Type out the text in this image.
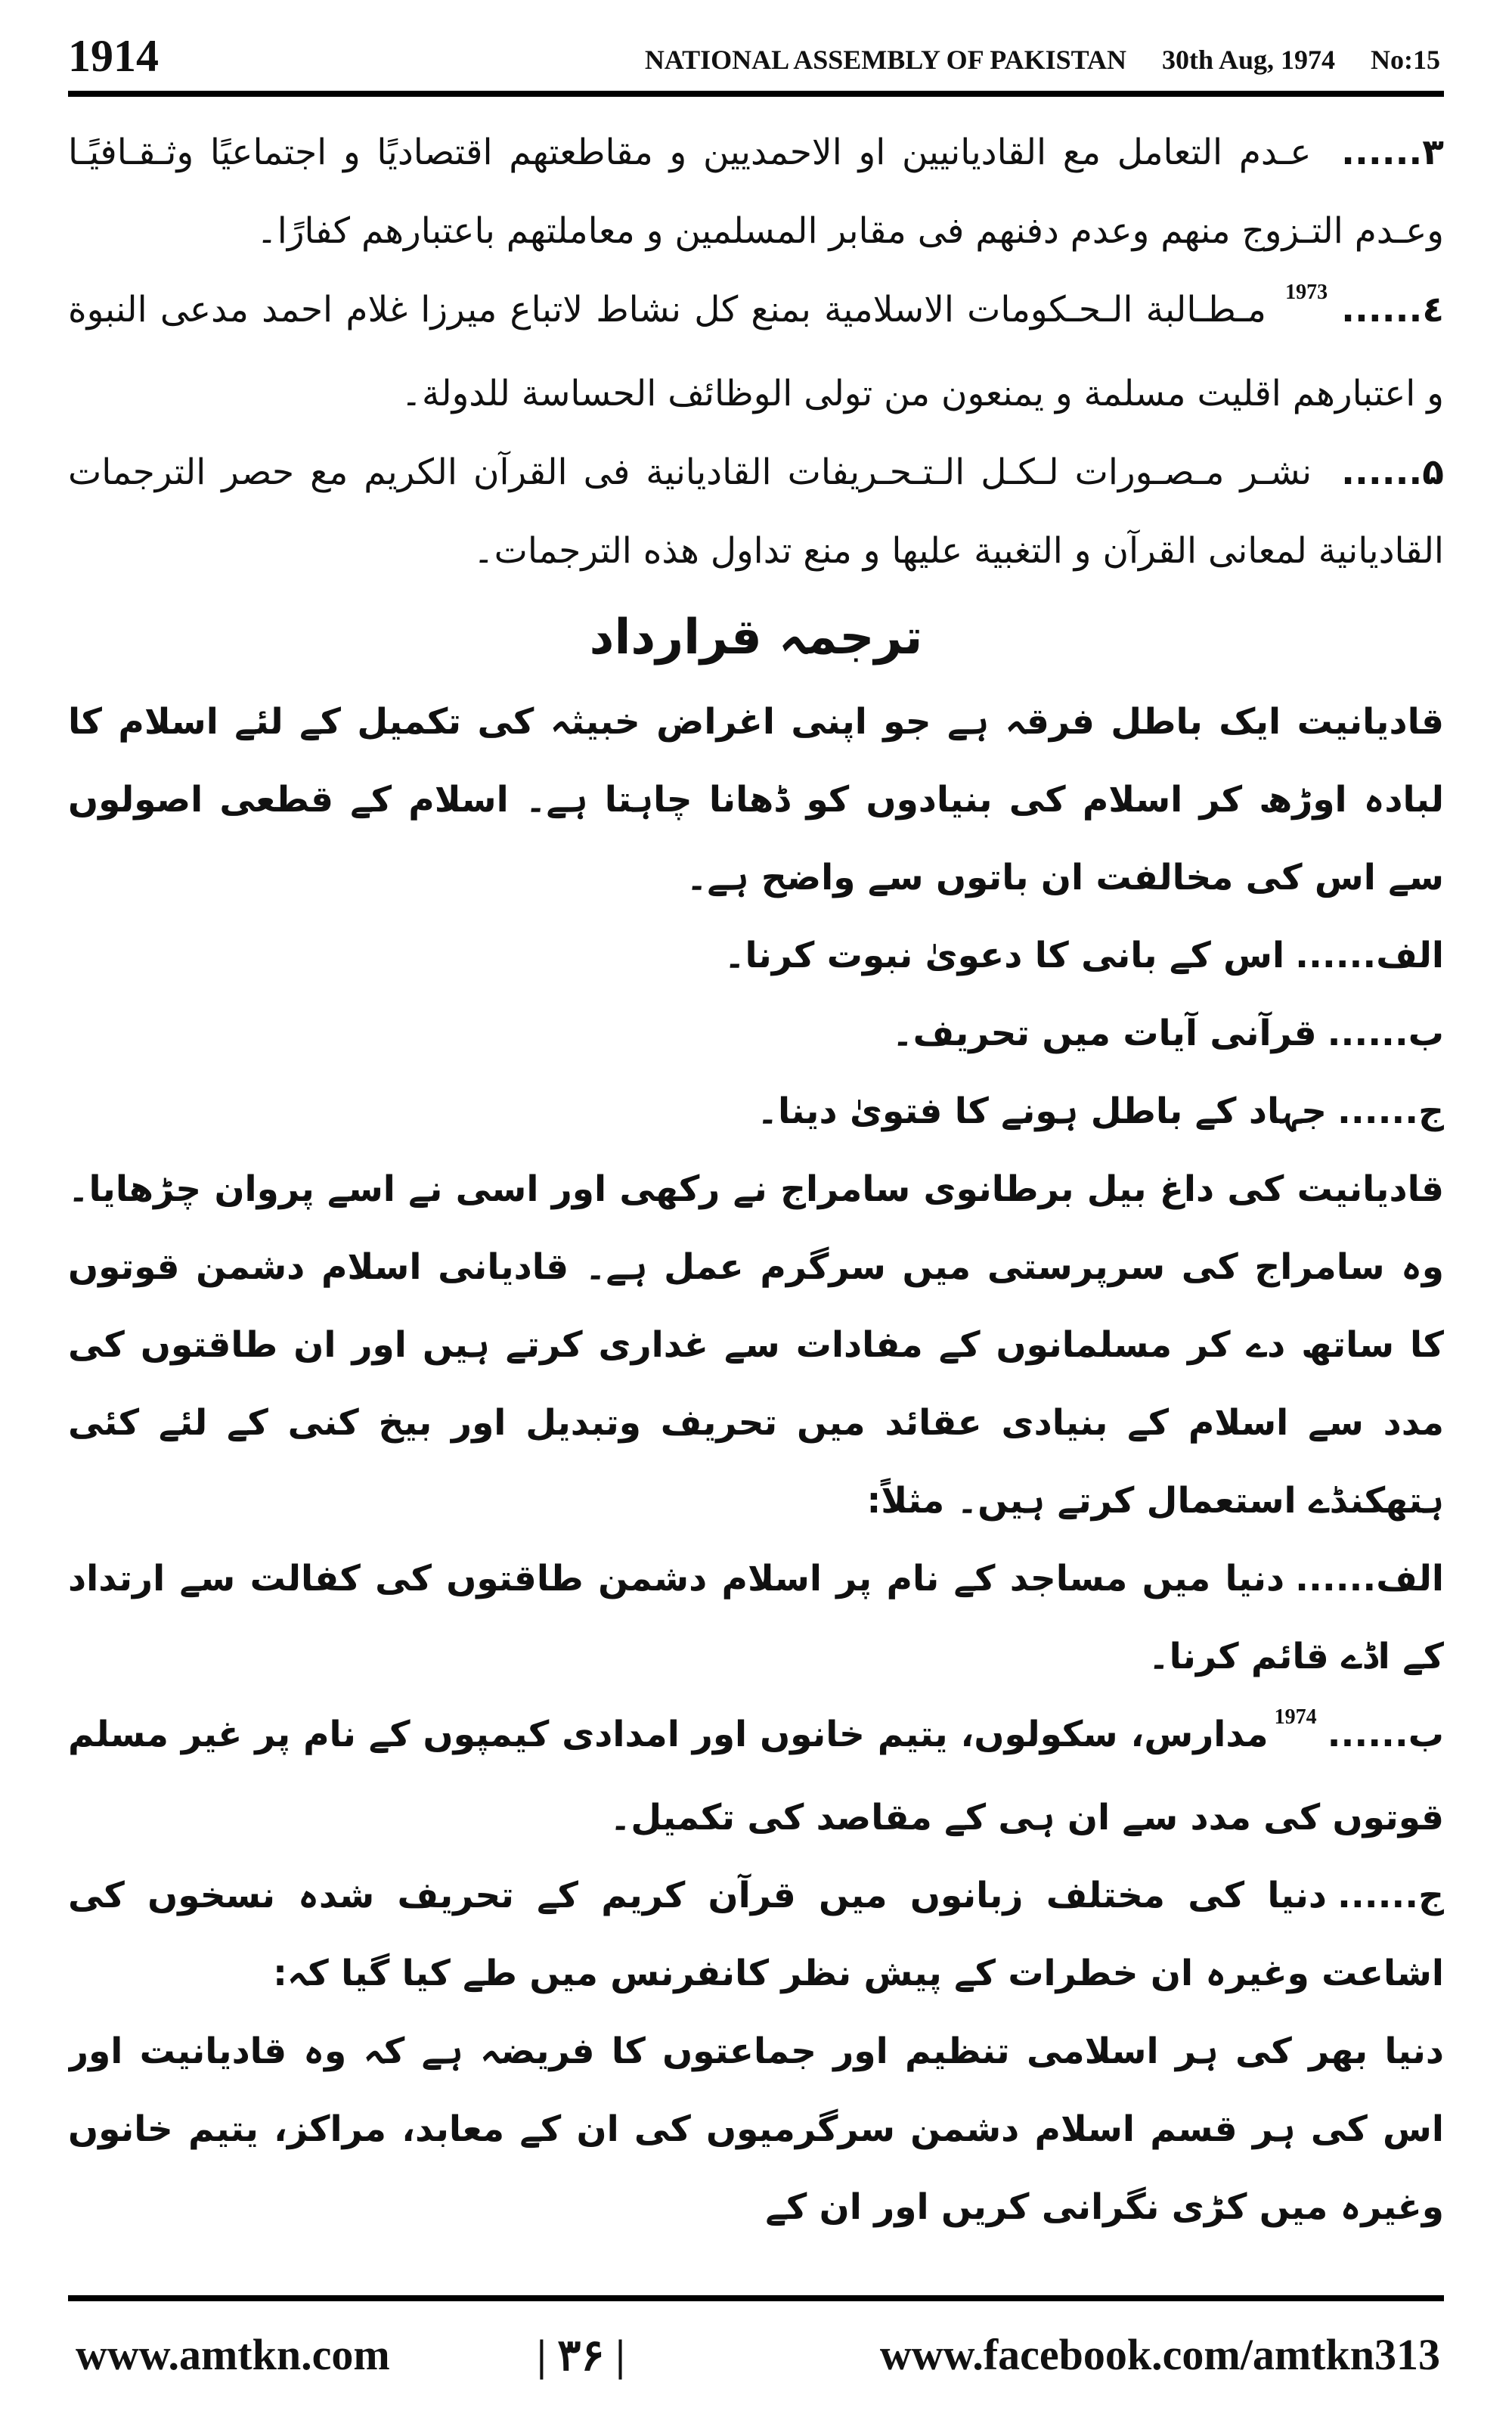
1914	NATIONAL ASSEMBLY OF PAKISTAN 30th Aug, 1974 No:15

۳...... عـدم التعامل مع القاديانيين او الاحمديين و مقاطعتهم اقتصاديًا و اجتماعيًا وثـقـافيًـا وعـدم التـزوج منهم وعدم دفنهم فى مقابر المسلمين و معاملتهم باعتبارهم كفارًا۔

٤......$^{1973}$ مـطـالبة الـحـكومات الاسلامية بمنع كل نشاط لاتباع ميرزا غلام احمد مدعى النبوة و اعتبارهم اقليت مسلمة و يمنعون من تولى الوظائف الحساسة للدولة۔

۵...... نشـر مـصـورات لـكـل الـتـحـريفات القاديانية فى القرآن الكريم مع حصر الترجمات القاديانية لمعانى القرآن و التغبية عليها و منع تداول هذه الترجمات۔

ترجمہ قرارداد

قادیانیت ایک باطل فرقہ ہے جو اپنی اغراض خبیثہ کی تکمیل کے لئے اسلام کا لبادہ اوڑھ کر اسلام کی بنیادوں کو ڈھانا چاہتا ہے۔ اسلام کے قطعی اصولوں سے اس کی مخالفت ان باتوں سے واضح ہے۔

الف......اس کے بانی کا دعویٰ نبوت کرنا۔

ب......قرآنی آیات میں تحریف۔

ج......جہاد کے باطل ہونے کا فتویٰ دینا۔

قادیانیت کی داغ بیل برطانوی سامراج نے رکھی اور اسی نے اسے پروان چڑھایا۔ وہ سامراج کی سرپرستی میں سرگرم عمل ہے۔ قادیانی اسلام دشمن قوتوں کا ساتھ دے کر مسلمانوں کے مفادات سے غداری کرتے ہیں اور ان طاقتوں کی مدد سے اسلام کے بنیادی عقائد میں تحریف وتبدیل اور بیخ کنی کے لئے کئی ہتھکنڈے استعمال کرتے ہیں۔ مثلاً:

الف......دنیا میں مساجد کے نام پر اسلام دشمن طاقتوں کی کفالت سے ارتداد کے اڈے قائم کرنا۔

ب......$^{1974}$مدارس، سکولوں، یتیم خانوں اور امدادی کیمپوں کے نام پر غیر مسلم قوتوں کی مدد سے ان ہی کے مقاصد کی تکمیل۔

ج......دنیا کی مختلف زبانوں میں قرآن کریم کے تحریف شدہ نسخوں کی اشاعت وغیرہ ان خطرات کے پیش نظر کانفرنس میں طے کیا گیا کہ:

دنیا بھر کی ہر اسلامی تنظیم اور جماعتوں کا فریضہ ہے کہ وہ قادیانیت اور اس کی ہر قسم اسلام دشمن سرگرمیوں کی ان کے معابد، مراکز، یتیم خانوں وغیرہ میں کڑی نگرانی کریں اور ان کے

www.amtkn.com	| ۳۶ |	www.facebook.com/amtkn313
